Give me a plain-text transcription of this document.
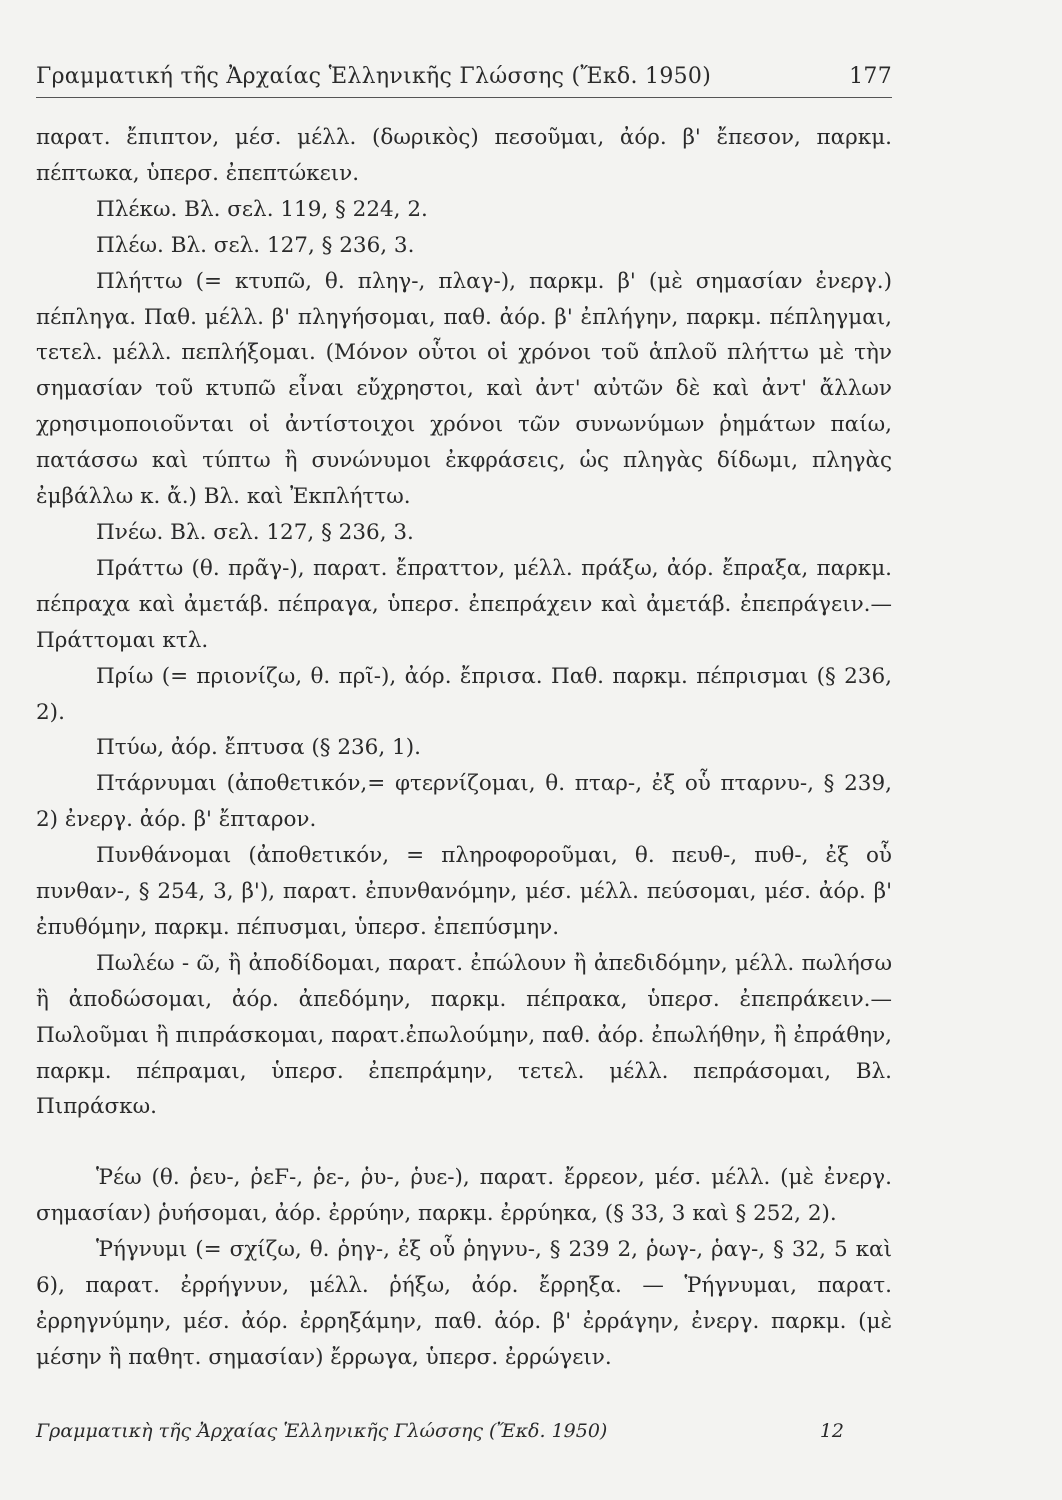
Γραμματική τῆς Ἀρχαίας Ἑλληνικῆς Γλώσσης (Ἔκδ. 1950)	177

παρατ. ἔπιπτον, μέσ. μέλλ. (δωρικὸς) πεσοῦμαι, ἀόρ. β' ἔπεσον, παρκμ. πέπτωκα, ὑπερσ. ἐπεπτώκειν.

Πλέκω. Βλ. σελ. 119, § 224, 2.

Πλέω. Βλ. σελ. 127, § 236, 3.

Πλήττω (= κτυπῶ, θ. πληγ-, πλαγ-), παρκμ. β' (μὲ σημασίαν ἐνεργ.) πέπληγα. Παθ. μέλλ. β' πληγήσομαι, παθ. ἀόρ. β' ἐπλήγην, παρκμ. πέπληγμαι, τετελ. μέλλ. πεπλήξομαι. (Μόνον οὗτοι οἱ χρόνοι τοῦ ἁπλοῦ πλήττω μὲ τὴν σημασίαν τοῦ κτυπῶ εἶναι εὔχρηστοι, καὶ ἀντ' αὐτῶν δὲ καὶ ἀντ' ἄλλων χρησιμοποιοῦνται οἱ ἀντίστοιχοι χρόνοι τῶν συνωνύμων ῥημάτων παίω, πατάσσω καὶ τύπτω ἢ συνώνυμοι ἐκφράσεις, ὡς πληγὰς δίδωμι, πληγὰς ἐμβάλλω κ. ἄ.) Βλ. καὶ Ἐκπλήττω.

Πνέω. Βλ. σελ. 127, § 236, 3.

Πράττω (θ. πρᾶγ-), παρατ. ἔπραττον, μέλλ. πράξω, ἀόρ. ἔπραξα, παρκμ. πέπραχα καὶ ἀμετάβ. πέπραγα, ὑπερσ. ἐπεπράχειν καὶ ἀμετάβ. ἐπεπράγειν.—Πράττομαι κτλ.

Πρίω (= πριονίζω, θ. πρῖ-), ἀόρ. ἔπρισα. Παθ. παρκμ. πέπρισμαι (§ 236, 2).

Πτύω, ἀόρ. ἔπτυσα (§ 236, 1).

Πτάρνυμαι (ἀποθετικόν,= φτερνίζομαι, θ. πταρ-, ἐξ οὗ πταρνυ-, § 239, 2) ἐνεργ. ἀόρ. β' ἔπταρον.

Πυνθάνομαι (ἀποθετικόν, = πληροφοροῦμαι, θ. πευθ-, πυθ-, ἐξ οὗ πυνθαν-, § 254, 3, β'), παρατ. ἐπυνθανόμην, μέσ. μέλλ. πεύσομαι, μέσ. ἀόρ. β' ἐπυθόμην, παρκμ. πέπυσμαι, ὑπερσ. ἐπεπύσμην.

Πωλέω - ῶ, ἢ ἀποδίδομαι, παρατ. ἐπώλουν ἢ ἀπεδιδόμην, μέλλ. πωλήσω ἢ ἀποδώσομαι, ἀόρ. ἀπεδόμην, παρκμ. πέπρακα, ὑπερσ. ἐπεπράκειν.—Πωλοῦμαι ἢ πιπράσκομαι, παρατ.ἐπωλούμην, παθ. ἀόρ. ἐπωλήθην, ἢ ἐπράθην, παρκμ. πέπραμαι, ὑπερσ. ἐπεπράμην, τετελ. μέλλ. πεπράσομαι, Βλ. Πιπράσκω.

Ῥέω (θ. ῥευ-, ῥεϜ-, ῥε-, ῥυ-, ῥυε-), παρατ. ἔρρεον, μέσ. μέλλ. (μὲ ἐνεργ. σημασίαν) ῥυήσομαι, ἀόρ. ἐρρύην, παρκμ. ἐρρύηκα, (§ 33, 3 καὶ § 252, 2).

Ῥήγνυμι (= σχίζω, θ. ῥηγ-, ἐξ οὗ ῥηγνυ-, § 239 2, ῥωγ-, ῥαγ-, § 32, 5 καὶ 6), παρατ. ἐρρήγνυν, μέλλ. ῥήξω, ἀόρ. ἔρρηξα. — Ῥήγνυμαι, παρατ. ἐρρηγνύμην, μέσ. ἀόρ. ἐρρηξάμην, παθ. ἀόρ. β' ἐρράγην, ἐνεργ. παρκμ. (μὲ μέσην ἢ παθητ. σημασίαν) ἔρρωγα, ὑπερσ. ἐρρώγειν.

Γραμματικὴ τῆς Ἀρχαίας Ἑλληνικῆς Γλώσσης (Ἔκδ. 1950)	12
